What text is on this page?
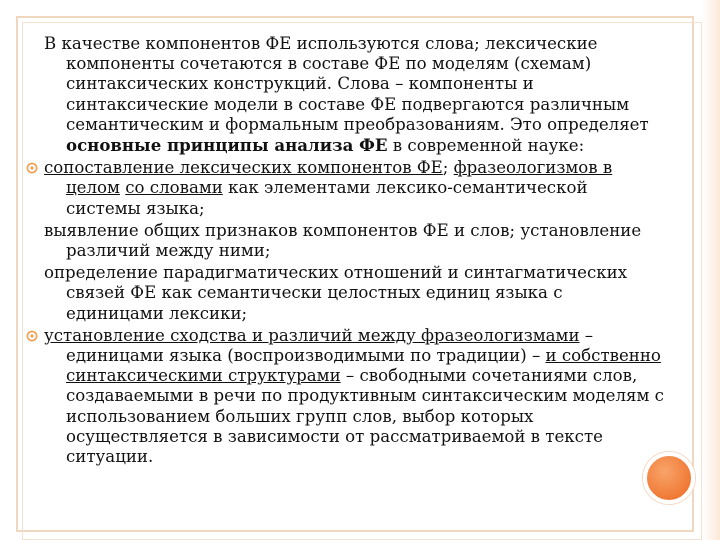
В качестве компонентов ФЕ используются слова; лексические компоненты сочетаются в составе ФЕ по моделям (схемам) синтаксических конструкций. Слова – компоненты и синтаксические модели в составе ФЕ подвергаются различным семантическим и формальным преобразованиям. Это определяет основные принципы анализа ФЕ в современной науке:

сопоставление лексических компонентов ФЕ; фразеологизмов в целом со словами как элементами лексико-семантической системы языка;

выявление общих признаков компонентов ФЕ и слов; установление различий между ними;

определение парадигматических отношений и синтагматических связей ФЕ как семантически целостных единиц языка с единицами лексики;

установление сходства и различий между фразеологизмами – единицами языка (воспроизводимыми по традиции) – и собственно синтаксическими структурами – свободными сочетаниями слов, создаваемыми в речи по продуктивным синтаксическим моделям с использованием больших групп слов, выбор которых осуществляется в зависимости от рассматриваемой в тексте ситуации.
